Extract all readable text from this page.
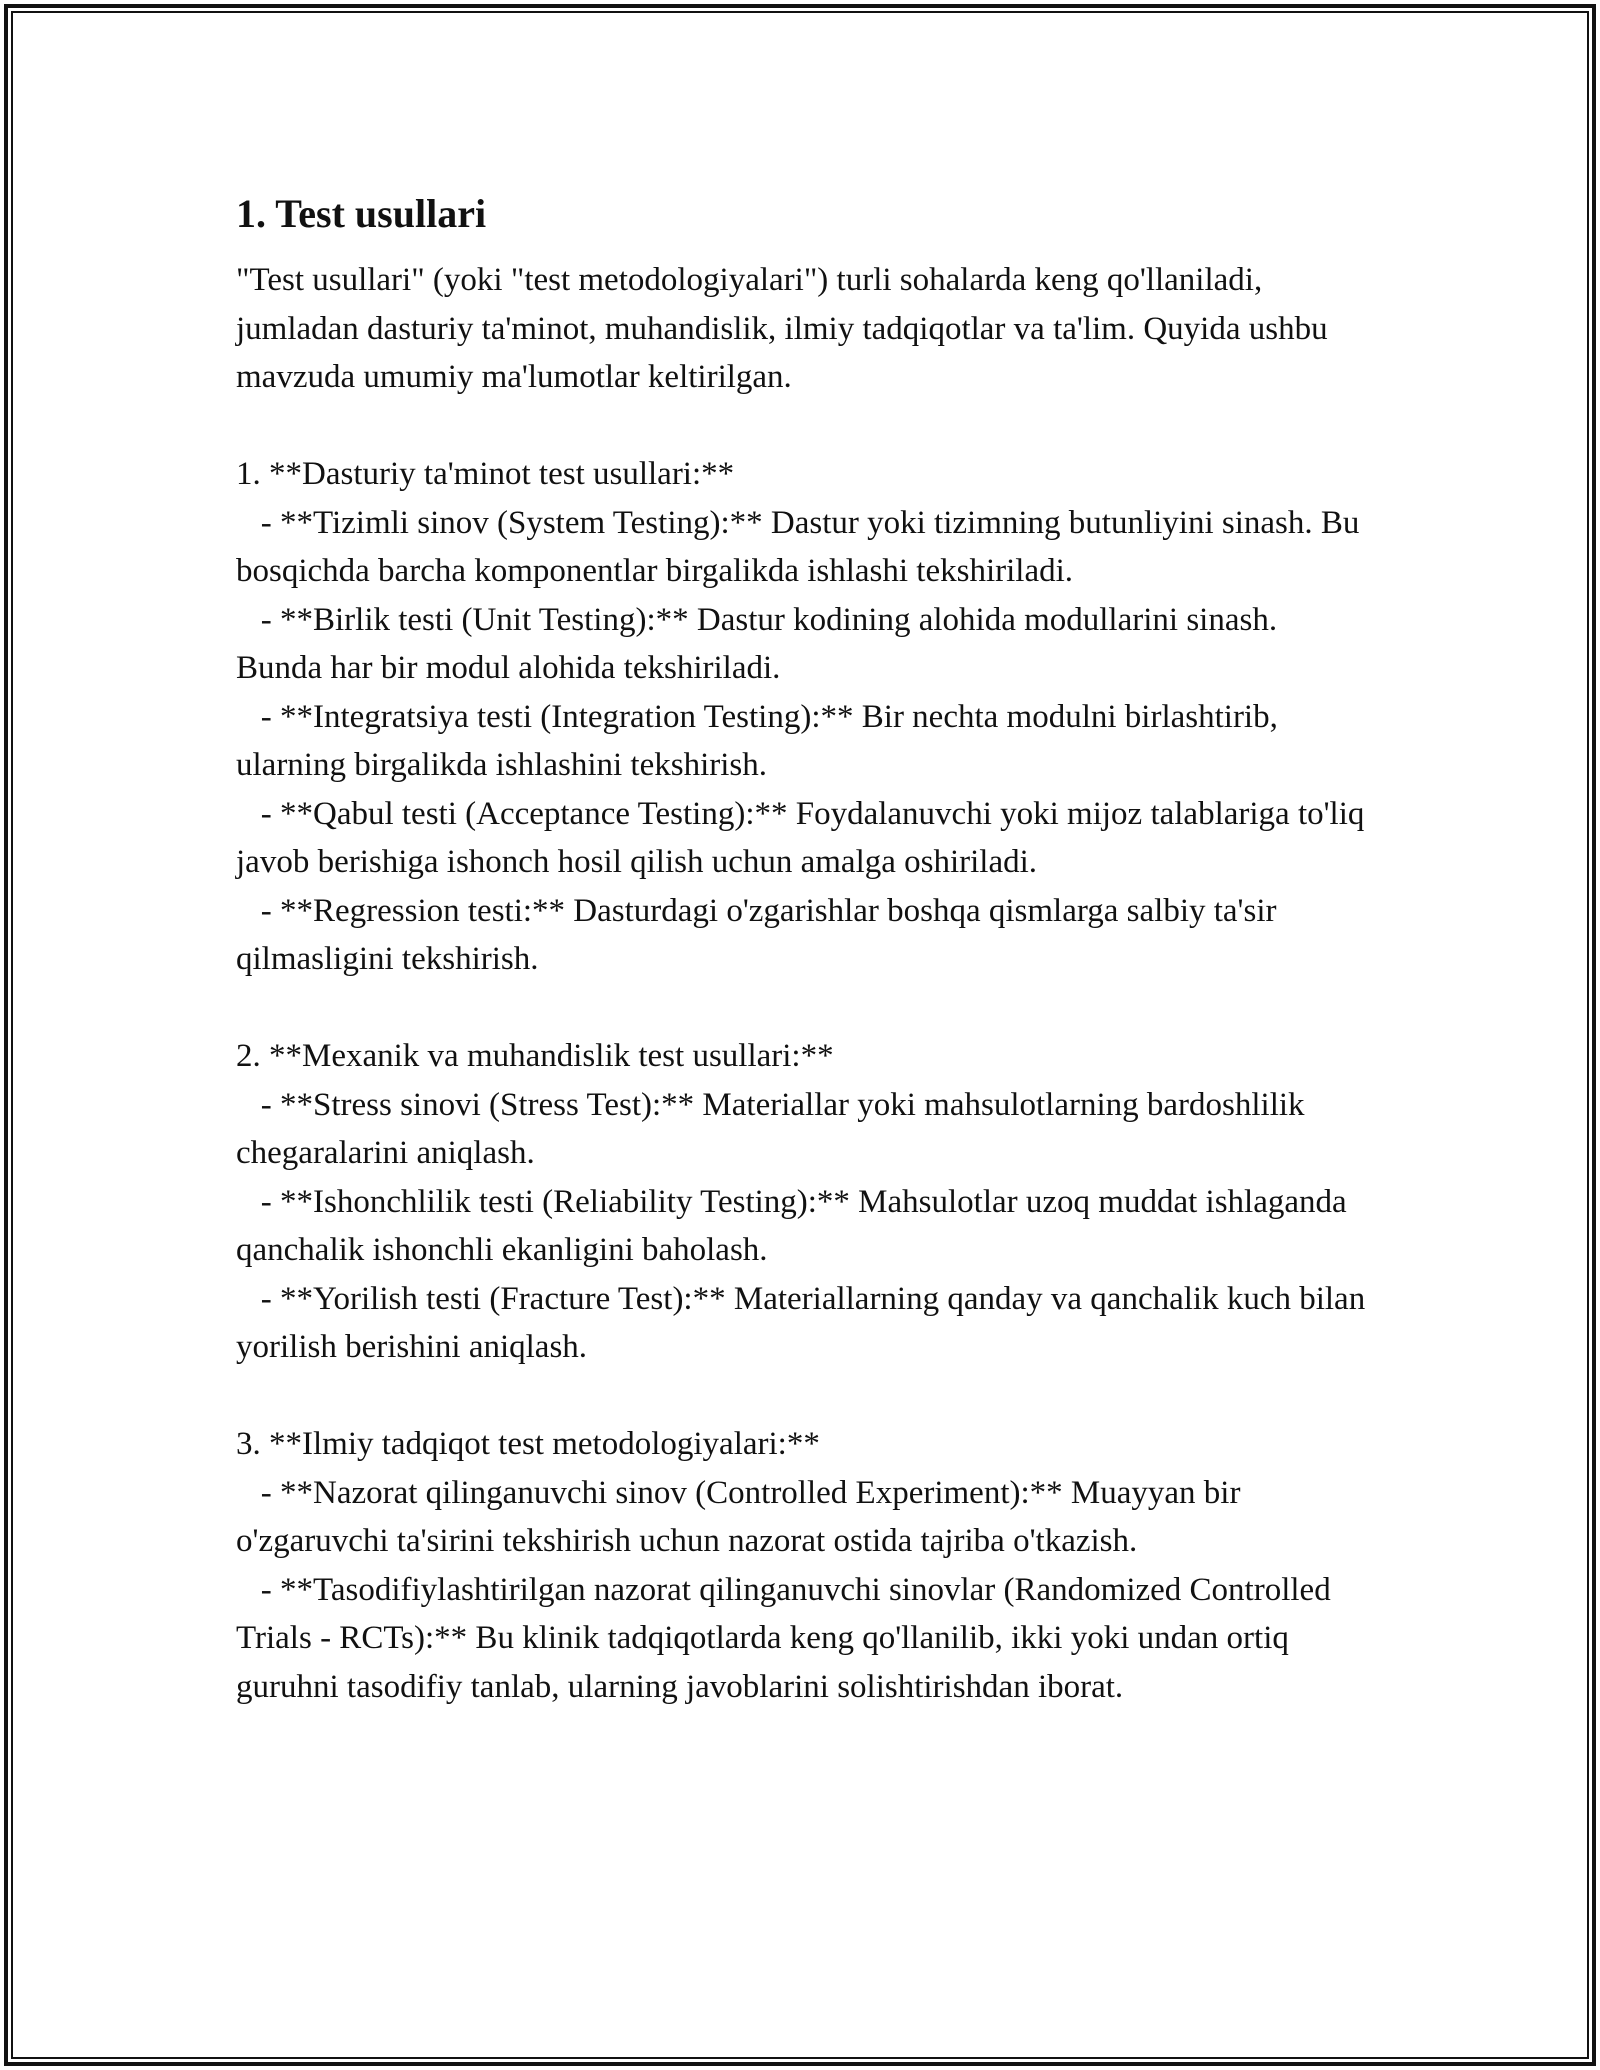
1. Test usullari

"Test usullari" (yoki "test metodologiyalari") turli sohalarda keng qo'llaniladi, jumladan dasturiy ta'minot, muhandislik, ilmiy tadqiqotlar va ta'lim. Quyida ushbu mavzuda umumiy ma'lumotlar keltirilgan.

1. **Dasturiy ta'minot test usullari:**

- **Tizimli sinov (System Testing):** Dastur yoki tizimning butunliyini sinash. Bu bosqichda barcha komponentlar birgalikda ishlashi tekshiriladi.

- **Birlik testi (Unit Testing):** Dastur kodining alohida modullarini sinash. Bunda har bir modul alohida tekshiriladi.

- **Integratsiya testi (Integration Testing):** Bir nechta modulni birlashtirib, ularning birgalikda ishlashini tekshirish.

- **Qabul testi (Acceptance Testing):** Foydalanuvchi yoki mijoz talablariga to'liq javob berishiga ishonch hosil qilish uchun amalga oshiriladi.

- **Regression testi:** Dasturdagi o'zgarishlar boshqa qismlarga salbiy ta'sir qilmasligini tekshirish.

2. **Mexanik va muhandislik test usullari:**

- **Stress sinovi (Stress Test):** Materiallar yoki mahsulotlarning bardoshlilik chegaralarini aniqlash.

- **Ishonchlilik testi (Reliability Testing):** Mahsulotlar uzoq muddat ishlaganda qanchalik ishonchli ekanligini baholash.

- **Yorilish testi (Fracture Test):** Materiallarning qanday va qanchalik kuch bilan yorilish berishini aniqlash.

3. **Ilmiy tadqiqot test metodologiyalari:**

- **Nazorat qilinganuvchi sinov (Controlled Experiment):** Muayyan bir o'zgaruvchi ta'sirini tekshirish uchun nazorat ostida tajriba o'tkazish.

- **Tasodifiylashtirilgan nazorat qilinganuvchi sinovlar (Randomized Controlled Trials - RCTs):** Bu klinik tadqiqotlarda keng qo'llanilib, ikki yoki undan ortiq guruhni tasodifiy tanlab, ularning javoblarini solishtirishdan iborat.
